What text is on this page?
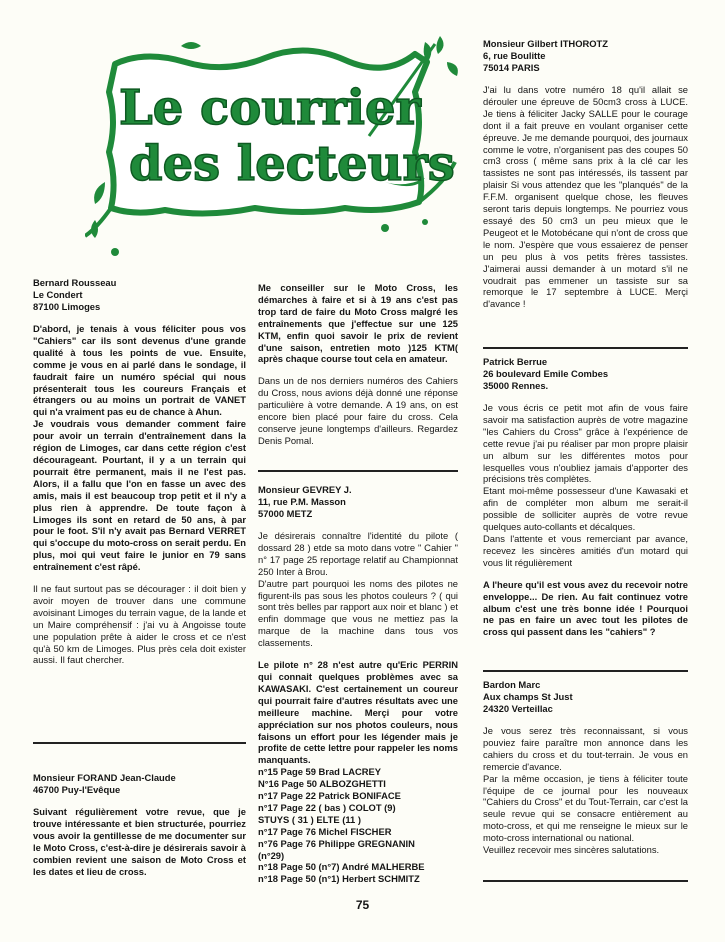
Le courrier
des lecteurs

Bernard Rousseau
Le Condert
87100 Limoges

D'abord, je tenais à vous féliciter pous vos "Cahiers" car ils sont devenus d'une grande qualité à tous les points de vue. Ensuite, comme je vous en ai parlé dans le sondage, il faudrait faire un numéro spécial qui nous présenterait tous les coureurs Français et étrangers ou au moins un portrait de VANET qui n'a vraiment pas eu de chance à Ahun.

Je voudrais vous demander comment faire pour avoir un terrain d'entraînement dans la région de Limoges, car dans cette région c'est décourageant. Pourtant, il y a un terrain qui pourrait être permanent, mais il ne l'est pas. Alors, il a fallu que l'on en fasse un avec des amis, mais il est beaucoup trop petit et il n'y a plus rien à apprendre. De toute façon à Limoges ils sont en retard de 50 ans, à par pour le foot. S'il n'y avait pas Bernard VERRET qui s'occupe du moto-cross on serait perdu. En plus, moi qui veut faire le junior en 79 sans entraînement c'est râpé.

Il ne faut surtout pas se décourager : il doit bien y avoir moyen de trouver dans une commune avoisinant Limoges du terrain vague, de la lande et un Maire compréhensif : j'ai vu à Angoisse toute une population prête à aider le cross et ce n'est qu'à 50 km de Limoges. Plus près cela doit exister aussi. Il faut chercher.

Monsieur FORAND Jean-Claude
46700 Puy-l'Evêque

Suivant régulièrement votre revue, que je trouve intéressante et bien structurée, pourriez vous avoir la gentillesse de me documenter sur le Moto Cross, c'est-à-dire je désirerais savoir à combien revient une saison de Moto Cross et les dates et lieu de cross.

Me conseiller sur le Moto Cross, les démarches à faire et si à 19 ans c'est pas trop tard de faire du Moto Cross malgré les entraînements que j'effectue sur une 125 KTM, enfin quoi savoir le prix de revient d'une saison, entretien moto )125 KTM( après chaque course tout cela en amateur.

Dans un de nos derniers numéros des Cahiers du Cross, nous avions déjà donné une réponse particulière à votre demande. A 19 ans, on est encore bien placé pour faire du cross. Cela conserve jeune longtemps d'ailleurs. Regardez Denis Pomal.

Monsieur GEVREY J.
11, rue P.M. Masson
57000 METZ

Je désirerais connaître l'identité du pilote ( dossard 28 ) etde sa moto dans votre " Cahier " n° 17 page 25 reportage relatif au Championnat 250 Inter à Brou.

D'autre part pourquoi les noms des pilotes ne figurent-ils pas sous les photos couleurs ? ( qui sont très belles par rapport aux noir et blanc ) et enfin dommage que vous ne mettiez pas la marque de la machine dans tous vos classements.

Le pilote n° 28 n'est autre qu'Eric PERRIN qui connait quelques problèmes avec sa KAWASAKI. C'est certainement un coureur qui pourrait faire d'autres résultats avec une meilleure machine. Merçi pour votre appréciation sur nos photos couleurs, nous faisons un effort pour les légender mais je profite de cette lettre pour rappeler les noms manquants.

n°15 Page 59 Brad LACREY
N°16 Page 50 ALBOZGHETTI
n°17 Page 22 Patrick BONIFACE
n°17 Page 22 ( bas ) COLOT (9)
STUYS ( 31 ) ELTE (11 )
n°17 Page 76 Michel FISCHER
n°76 Page 76 Philippe GREGNANIN
(n°29)
n°18 Page 50 (n°7) André MALHERBE
n°18 Page 50 (n°1) Herbert SCHMITZ

Monsieur Gilbert ITHOROTZ
6, rue Boulitte
75014 PARIS

J'ai lu dans votre numéro 18 qu'il allait se dérouler une épreuve de 50cm3 cross à LUCE. Je tiens à féliciter Jacky SALLE pour le courage dont il a fait preuve en voulant organiser cette épreuve. Je me demande pourquoi, des journaux comme le votre, n'organisent pas des coupes 50 cm3 cross ( même sans prix à la clé car les tassistes ne sont pas intéressés, ils tassent par plaisir Si vous attendez que les "planqués" de la F.F.M. organisent quelque chose, les fleuves seront taris depuis longtemps. Ne pourriez vous essayé des 50 cm3 un peu mieux que le Peugeot et le Motobécane qui n'ont de cross que le nom. J'espère que vous essaierez de penser un peu plus à vos petits frères tassistes. J'aimerai aussi demander à un motard s'il ne voudrait pas emmener un tassiste sur sa remorque le 17 septembre à LUCE. Merçi d'avance !

Patrick Berrue
26 boulevard Emile Combes
35000 Rennes.

Je vous écris ce petit mot afin de vous faire savoir ma satisfaction auprès de votre magazine "les Cahiers du Cross" grâce à l'expérience de cette revue j'ai pu réaliser par mon propre plaisir un album sur les différentes motos pour lesquelles vous n'oubliez jamais d'apporter des précisions très complètes.

Etant moi-même possesseur d'une Kawasaki et afin de compléter mon album me serait-il possible de solliciter auprès de votre revue quelques auto-collants et décalques.

Dans l'attente et vous remerciant par avance, recevez les sincères amitiés d'un motard qui vous lit régulièrement

A l'heure qu'il est vous avez du recevoir notre enveloppe... De rien. Au fait continuez votre album c'est une très bonne idée ! Pourquoi ne pas en faire un avec tout les pilotes de cross qui passent dans les "cahiers" ?

Bardon Marc
Aux champs St Just
24320 Verteillac

Je vous serez très reconnaissant, si vous pouviez faire paraître mon annonce dans les cahiers du cross et du tout-terrain. Je vous en remercie d'avance.

Par la même occasion, je tiens à féliciter toute l'équipe de ce journal pour les nouveaux "Cahiers du Cross" et du Tout-Terrain, car c'est la seule revue qui se consacre entièrement au moto-cross, et qui me renseigne le mieux sur le moto-cross international ou national.

Veuillez recevoir mes sincères salutations.

75
